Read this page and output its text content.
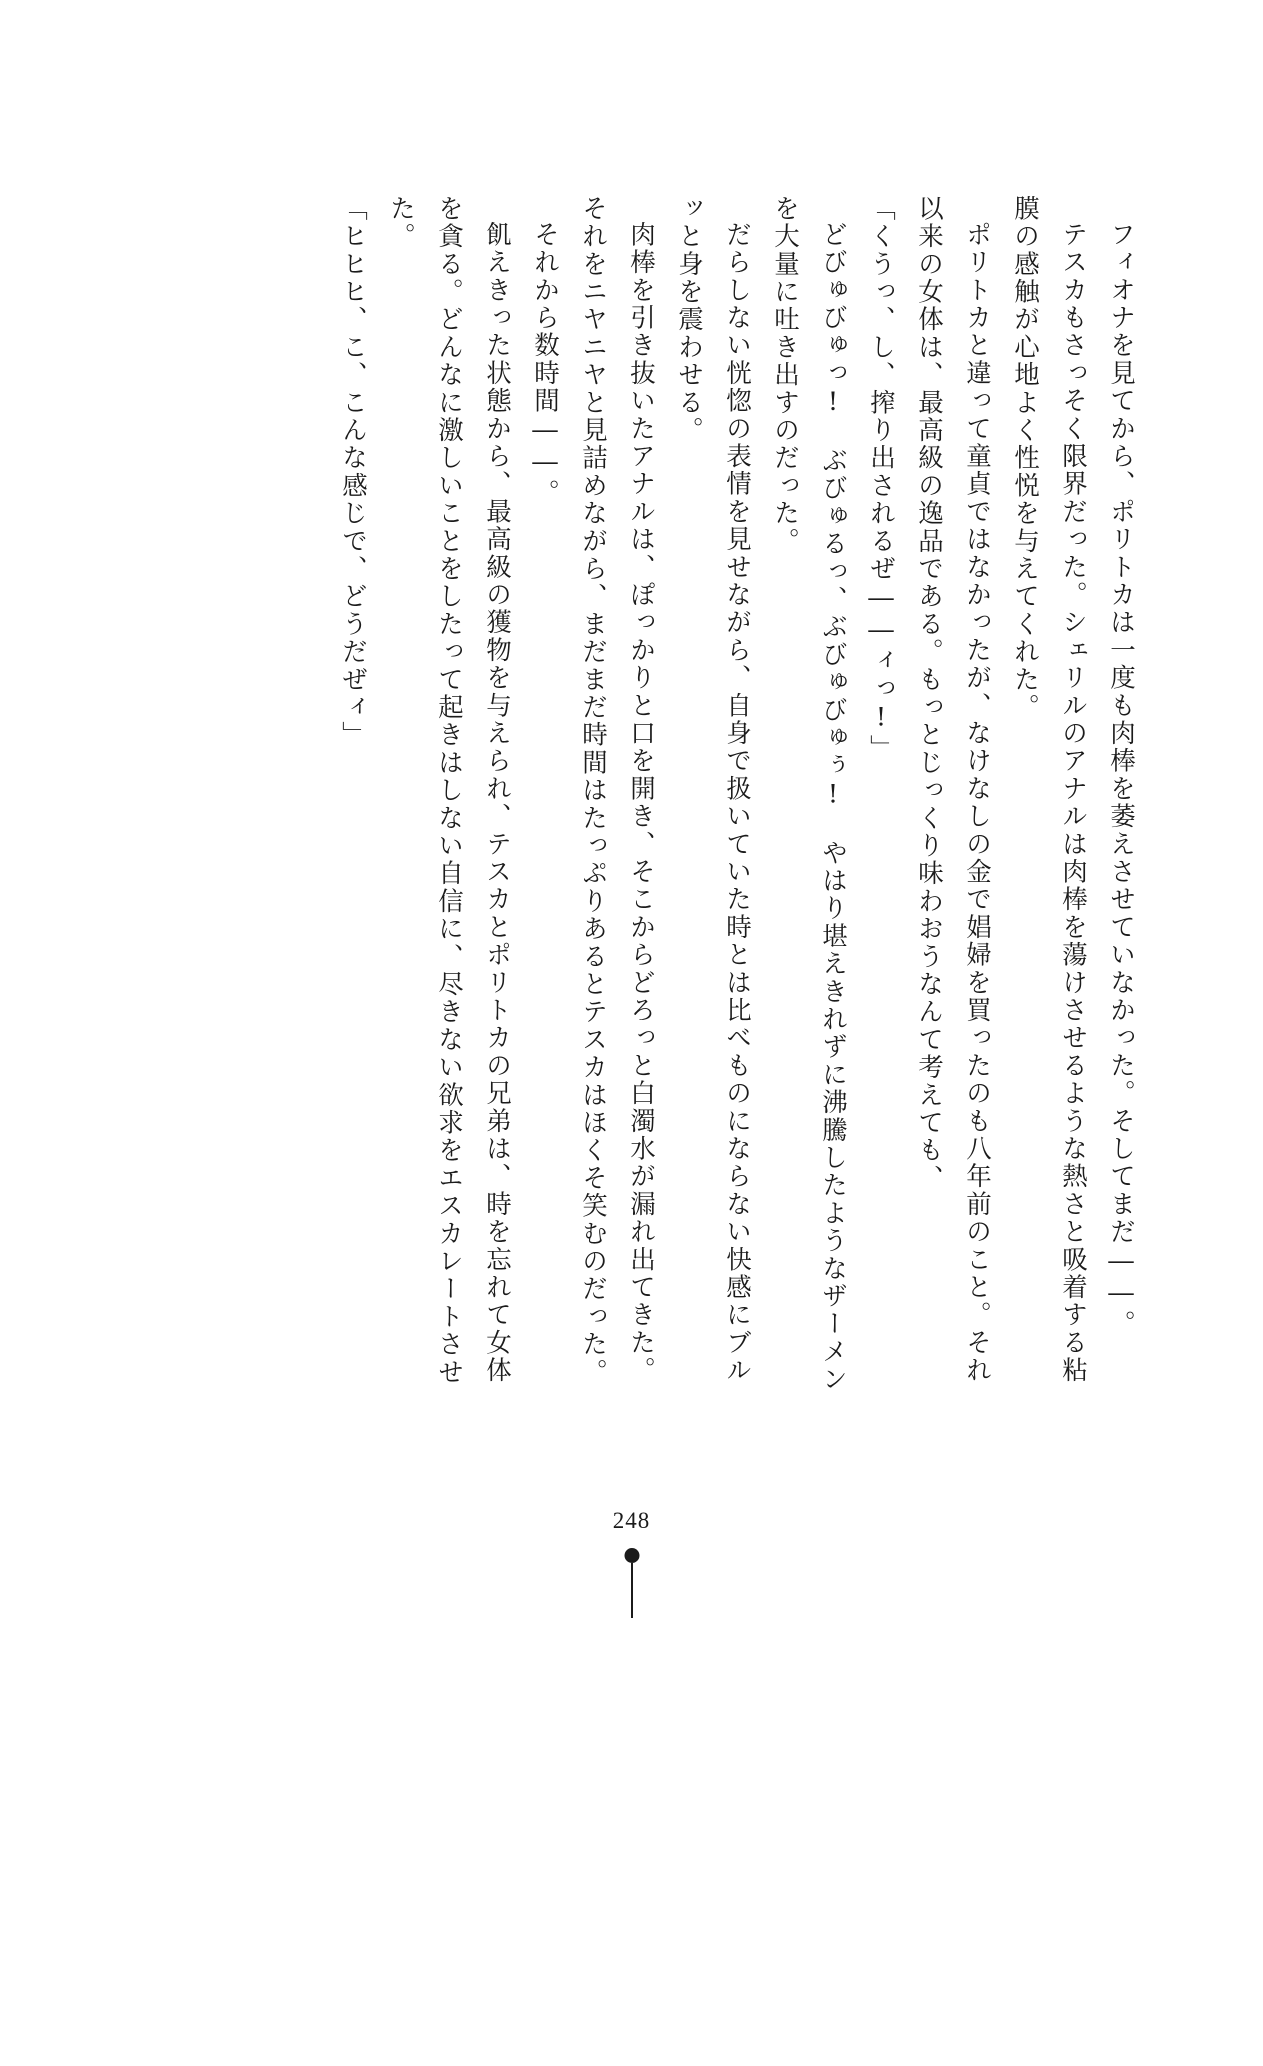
フィオナを見てから、ポリトカは一度も肉棒を萎えさせていなかった。そしてまだ――。

テスカもさっそく限界だった。シェリルのアナルは肉棒を蕩けさせるような熱さと吸着する粘膜の感触が心地よく性悦を与えてくれた。

ポリトカと違って童貞ではなかったが、なけなしの金で娼婦を買ったのも八年前のこと。それ以来の女体は、最高級の逸品である。もっとじっくり味わおうなんて考えても、

「くうっ、し、搾り出されるぜ――ィっ!」

どびゅびゅっ!　ぶびゅるっ、ぶびゅびゅぅ!　やはり堪えきれずに沸騰したようなザーメンを大量に吐き出すのだった。

だらしない恍惚の表情を見せながら、自身で扱いていた時とは比べものにならない快感にブルッと身を震わせる。

肉棒を引き抜いたアナルは、ぽっかりと口を開き、そこからどろっと白濁水が漏れ出てきた。それをニヤニヤと見詰めながら、まだまだ時間はたっぷりあるとテスカはほくそ笑むのだった。

それから数時間――。

飢えきった状態から、最高級の獲物を与えられ、テスカとポリトカの兄弟は、時を忘れて女体を貪る。どんなに激しいことをしたって起きはしない自信に、尽きない欲求をエスカレートさせた。

「ヒヒヒ、こ、こんな感じで、どうだぜィ」

248
